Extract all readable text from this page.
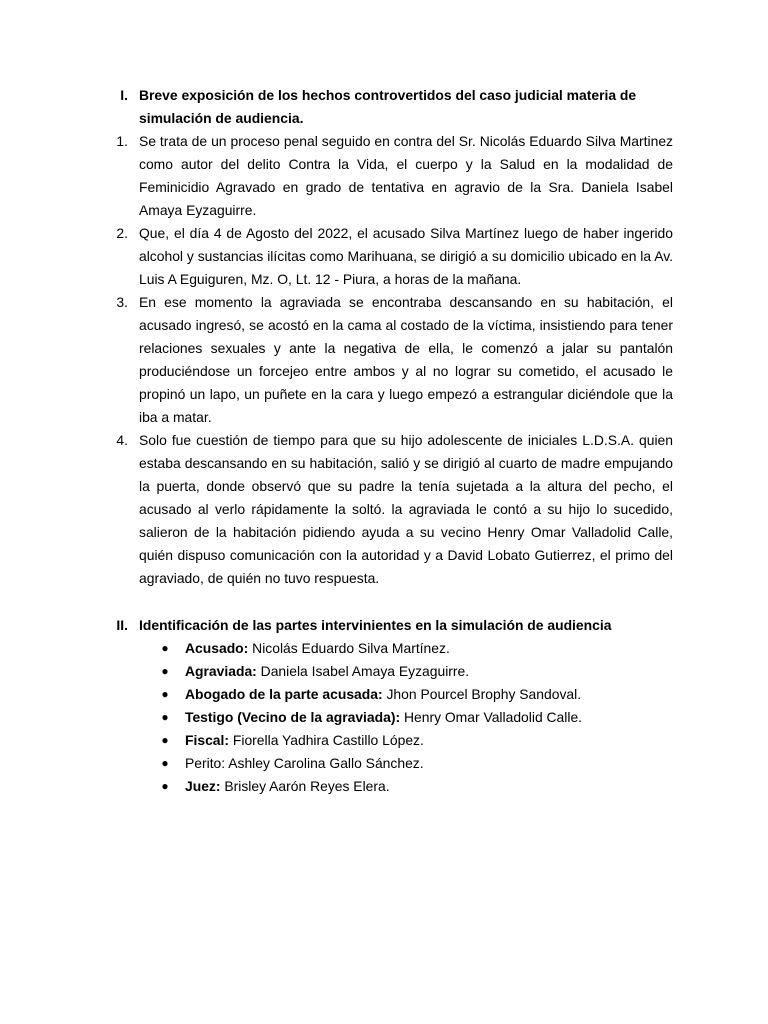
I. Breve exposición de los hechos controvertidos del caso judicial materia de simulación de audiencia.
1. Se trata de un proceso penal seguido en contra del Sr. Nicolás Eduardo Silva Martinez como autor del delito Contra la Vida, el cuerpo y la Salud en la modalidad de Feminicidio Agravado en grado de tentativa en agravio de la Sra. Daniela Isabel Amaya Eyzaguirre.
2. Que, el día 4 de Agosto del 2022, el acusado Silva Martínez luego de haber ingerido alcohol y sustancias ilícitas como Marihuana, se dirigió a su domicilio ubicado en la Av. Luis A Eguiguren, Mz. O, Lt. 12 - Piura, a horas de la mañana.
3. En ese momento la agraviada se encontraba descansando en su habitación, el acusado ingresó, se acostó en la cama al costado de la víctima, insistiendo para tener relaciones sexuales y ante la negativa de ella, le comenzó a jalar su pantalón produciéndose un forcejeo entre ambos y al no lograr su cometido, el acusado le propinó un lapo, un puñete en la cara y luego empezó a estrangular diciéndole que la iba a matar.
4. Solo fue cuestión de tiempo para que su hijo adolescente de iniciales L.D.S.A. quien estaba descansando en su habitación, salió y se dirigió al cuarto de madre empujando la puerta, donde observó que su padre la tenía sujetada a la altura del pecho, el acusado al verlo rápidamente la soltó. la agraviada le contó a su hijo lo sucedido, salieron de la habitación pidiendo ayuda a su vecino Henry Omar Valladolid Calle, quién dispuso comunicación con la autoridad y a David Lobato Gutierrez, el primo del agraviado, de quién no tuvo respuesta.
II. Identificación de las partes intervinientes en la simulación de audiencia
● Acusado: Nicolás Eduardo Silva Martínez.
● Agraviada: Daniela Isabel Amaya Eyzaguirre.
● Abogado de la parte acusada: Jhon Pourcel Brophy Sandoval.
● Testigo (Vecino de la agraviada): Henry Omar Valladolid Calle.
● Fiscal: Fiorella Yadhira Castillo López.
● Perito: Ashley Carolina Gallo Sánchez.
● Juez: Brisley Aarón Reyes Elera.
